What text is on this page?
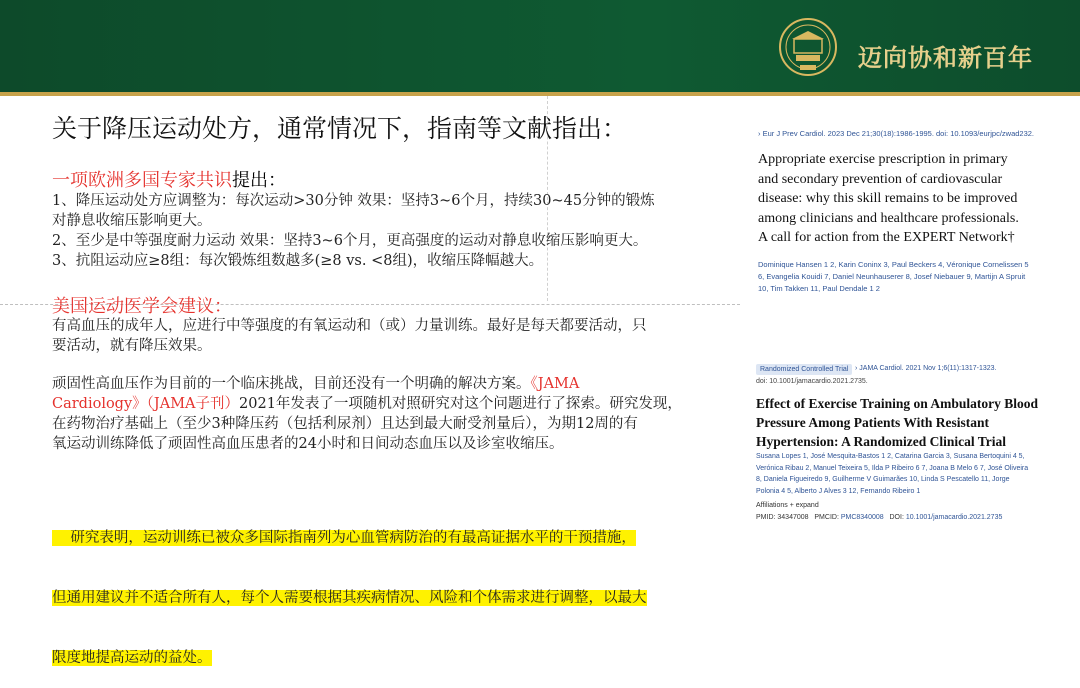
迈向协和新百年
关于降压运动处方，通常情况下，指南等文献指出：
一项欧洲多国专家共识提出：
1、降压运动处方应调整为：每次运动>30分钟 效果：坚持3~6个月，持续30~45分钟的锻炼
对静息收缩压影响更大。
2、至少是中等强度耐力运动 效果：坚持3~6个月，更高强度的运动对静息收缩压影响更大。
3、抗阻运动应≥8组：每次锻炼组数越多(≥8 vs. <8组)，收缩压降幅越大。
美国运动医学会建议：
有高血压的成年人，应进行中等强度的有氧运动和（或）力量训练。最好是每天都要活动，只
要活动，就有降压效果。
顽固性高血压作为目前的一个临床挑战，目前还没有一个明确的解决方案。《JAMA
Cardiology》（JAMA子刊）2021年发表了一项随机对照研究对这个问题进行了探索。研究发现，
在药物治疗基础上（至少3种降压药（包括利尿剂）且达到最大耐受剂量后），为期12周的有
氧运动训练降低了顽固性高血压患者的24小时和日间动态血压以及诊室收缩压。

研究表明，运动训练已被众多国际指南列为心血管病防治的有最高证据水平的干预措施，

但通用建议并不适合所有人，每个人需要根据其疾病情况、风险和个体需求进行调整，以最大

限度地提高运动的益处。

› Eur J Prev Cardiol. 2023 Dec 21;30(18):1986-1995. doi: 10.1093/eurjpc/zwad232.
Appropriate exercise prescription in primary and secondary prevention of cardiovascular disease: why this skill remains to be improved among clinicians and healthcare professionals. A call for action from the EXPERT Network†
Dominique Hansen 1 2, Karin Coninx 3, Paul Beckers 4, Véronique Cornelissen 5 6, Evangelia Kouidi 7, Daniel Neunhauserer 8, Josef Niebauer 9, Martijn A Spruit 10, Tim Takken 11, Paul Dendale 1 2
Randomized Controlled Trial › JAMA Cardiol. 2021 Nov 1;6(11):1317-1323.
doi: 10.1001/jamacardio.2021.2735.
Effect of Exercise Training on Ambulatory Blood Pressure Among Patients With Resistant Hypertension: A Randomized Clinical Trial
Susana Lopes 1, José Mesquita-Bastos 1 2, Catarina Garcia 3, Susana Bertoquini 4 5, Verónica Ribau 2, Manuel Teixeira 5, Ilda P Ribeiro 6 7, Joana B Melo 6 7, José Oliveira 8, Daniela Figueiredo 9, Guilherme V Guimarães 10, Linda S Pescatello 11, Jorge Polonia 4 5, Alberto J Alves 3 12, Fernando Ribeiro 1
Affiliations + expand
PMID: 34347008 PMCID: PMC8340008 DOI: 10.1001/jamacardio.2021.2735
